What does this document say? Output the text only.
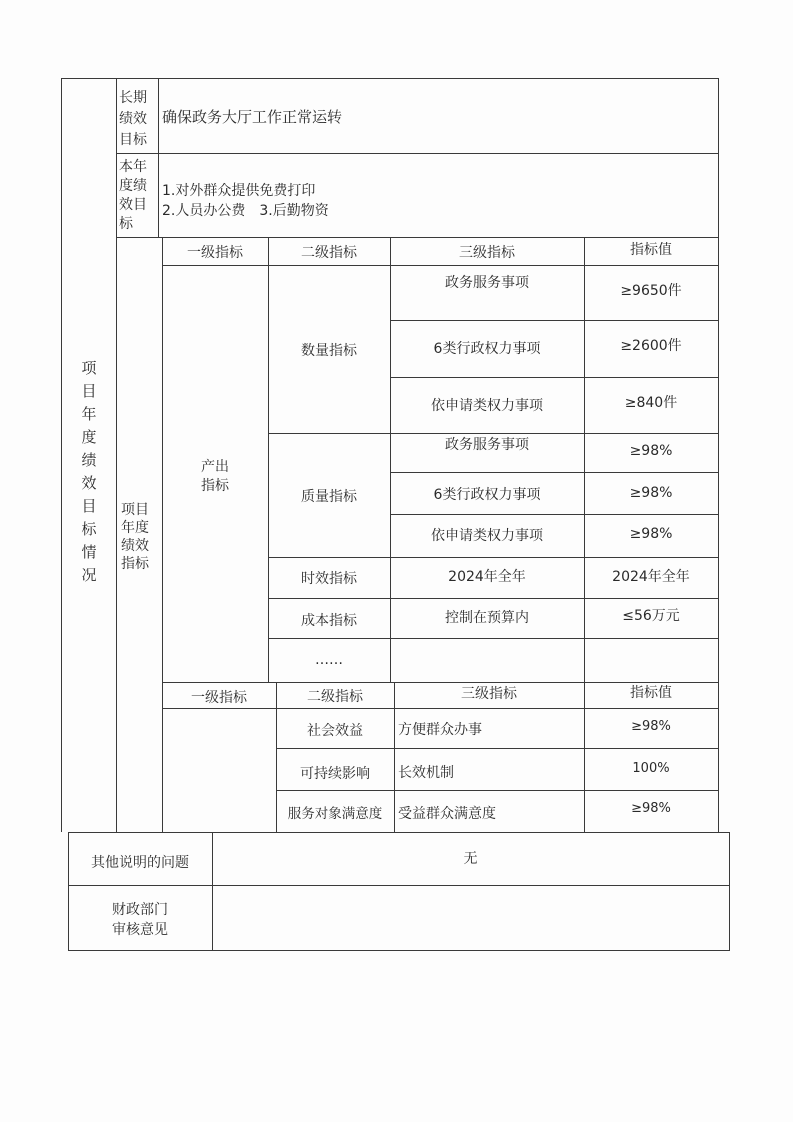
项目年度绩效目标情况
长期绩效目标
确保政务大厅工作正常运转
本年度绩效目标
1.对外群众提供免费打印
2.人员办公费　3.后勤物资
项目年度绩效指标
一级指标	二级指标	三级指标	指标值
产出指标
数量指标
政务服务事项	≥9650件
6类行政权力事项	≥2600件
依申请类权力事项	≥840件
质量指标
政务服务事项	≥98%
6类行政权力事项	≥98%
依申请类权力事项	≥98%
时效指标	2024年全年	2024年全年
成本指标	控制在预算内	≤56万元
……
一级指标	二级指标	三级指标	指标值
社会效益	方便群众办事	≥98%
可持续影响	长效机制	100%
服务对象满意度	受益群众满意度	≥98%
其他说明的问题	无
财政部门
审核意见
